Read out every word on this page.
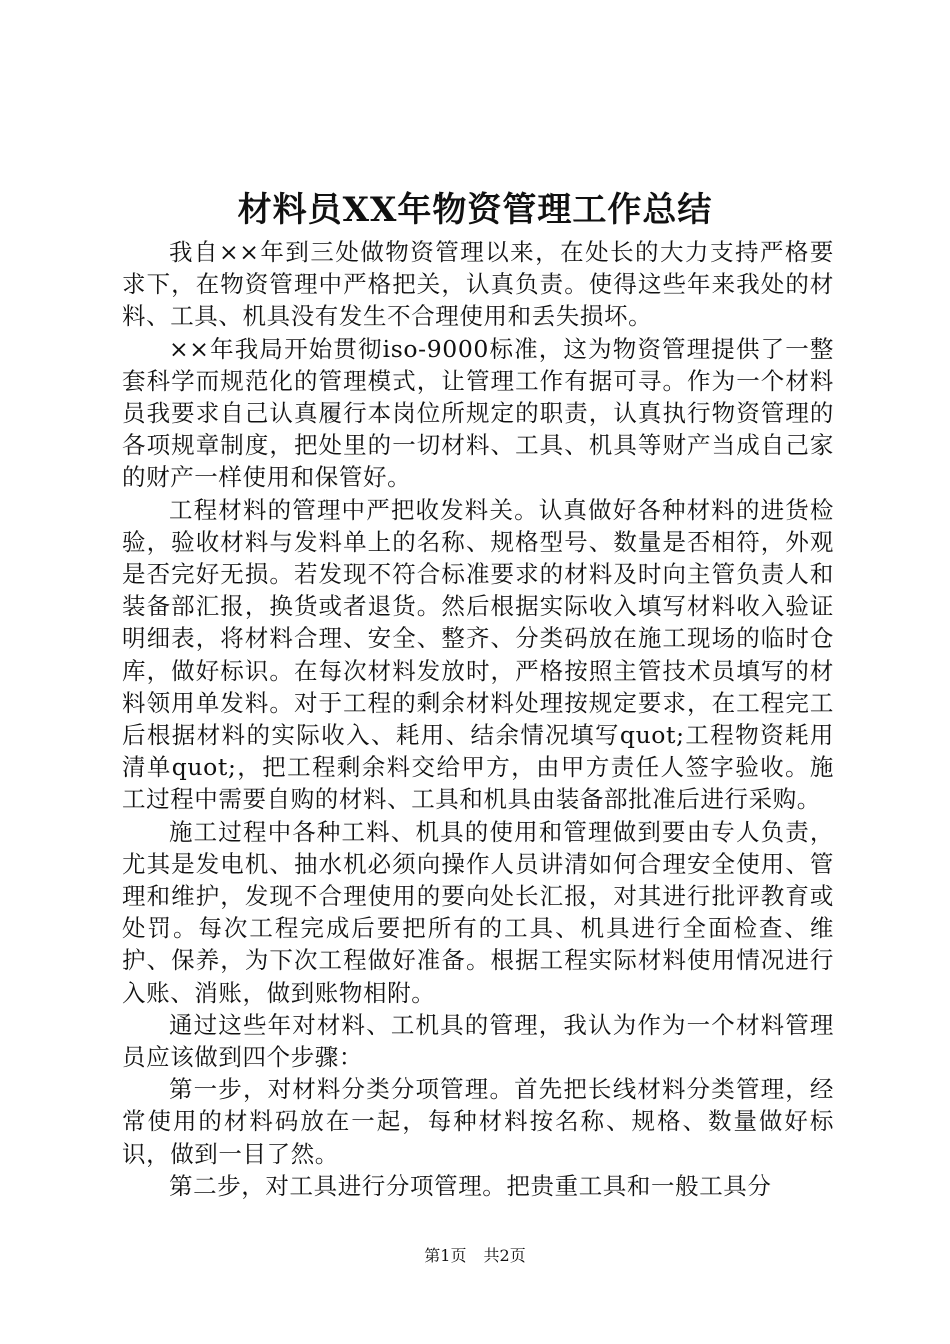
材料员XX年物资管理工作总结

我自××年到三处做物资管理以来，在处长的大力支持严格要求下，在物资管理中严格把关，认真负责。使得这些年来我处的材料、工具、机具没有发生不合理使用和丢失损坏。

××年我局开始贯彻iso-9000标准，这为物资管理提供了一整套科学而规范化的管理模式，让管理工作有据可寻。作为一个材料员我要求自己认真履行本岗位所规定的职责，认真执行物资管理的各项规章制度，把处里的一切材料、工具、机具等财产当成自己家的财产一样使用和保管好。

工程材料的管理中严把收发料关。认真做好各种材料的进货检验，验收材料与发料单上的名称、规格型号、数量是否相符，外观是否完好无损。若发现不符合标准要求的材料及时向主管负责人和装备部汇报，换货或者退货。然后根据实际收入填写材料收入验证明细表，将材料合理、安全、整齐、分类码放在施工现场的临时仓库，做好标识。在每次材料发放时，严格按照主管技术员填写的材料领用单发料。对于工程的剩余材料处理按规定要求，在工程完工后根据材料的实际收入、耗用、结余情况填写quot;工程物资耗用清单quot;，把工程剩余料交给甲方，由甲方责任人签字验收。施工过程中需要自购的材料、工具和机具由装备部批准后进行采购。

施工过程中各种工料、机具的使用和管理做到要由专人负责，尤其是发电机、抽水机必须向操作人员讲清如何合理安全使用、管理和维护，发现不合理使用的要向处长汇报，对其进行批评教育或处罚。每次工程完成后要把所有的工具、机具进行全面检查、维护、保养，为下次工程做好准备。根据工程实际材料使用情况进行入账、消账，做到账物相附。

通过这些年对材料、工机具的管理，我认为作为一个材料管理员应该做到四个步骤：

第一步，对材料分类分项管理。首先把长线材料分类管理，经常使用的材料码放在一起，每种材料按名称、规格、数量做好标识，做到一目了然。

第二步，对工具进行分项管理。把贵重工具和一般工具分

第1页 共2页
